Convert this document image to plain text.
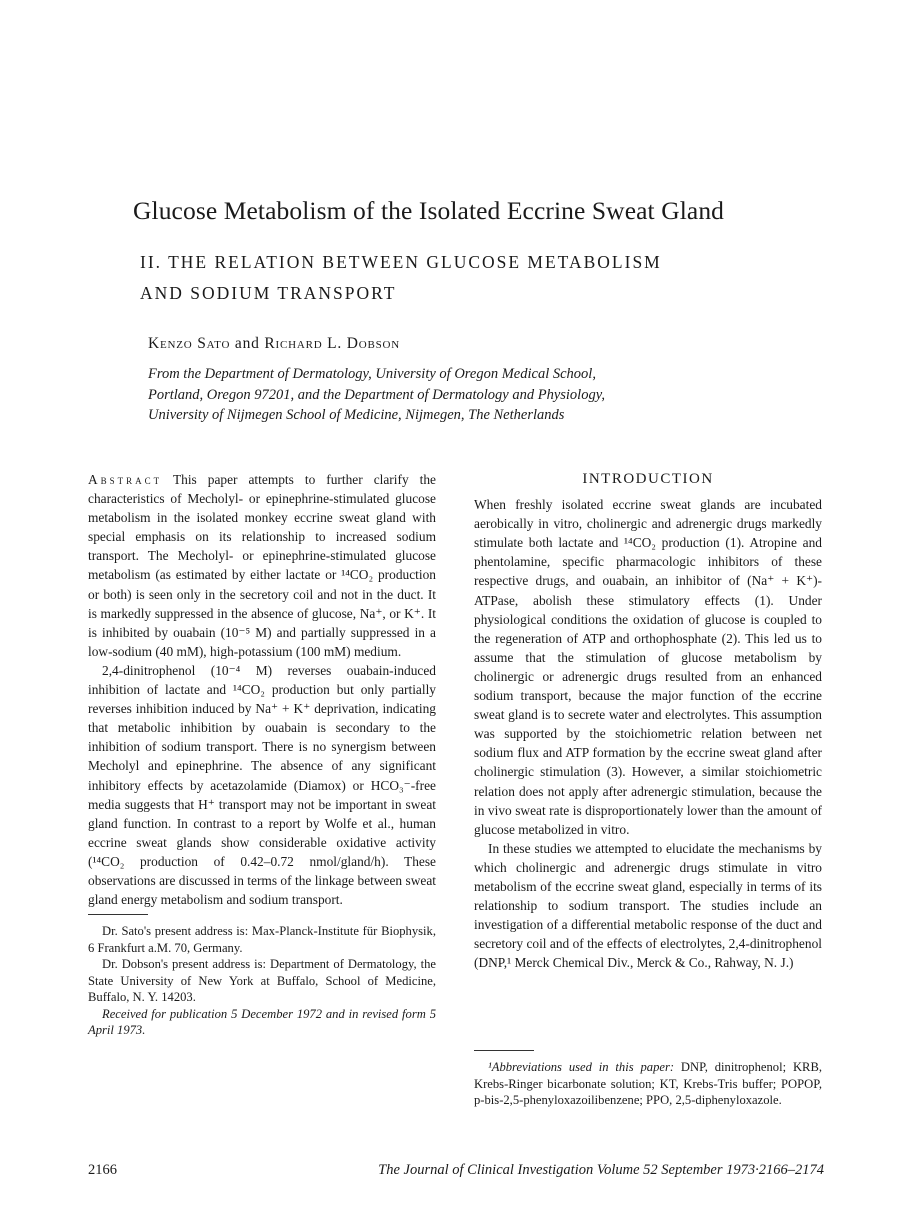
Glucose Metabolism of the Isolated Eccrine Sweat Gland
II. THE RELATION BETWEEN GLUCOSE METABOLISM
AND SODIUM TRANSPORT
Kenzo Sato and Richard L. Dobson
From the Department of Dermatology, University of Oregon Medical School,
Portland, Oregon 97201, and the Department of Dermatology and Physiology,
University of Nijmegen School of Medicine, Nijmegen, The Netherlands

Abstract This paper attempts to further clarify the characteristics of Mecholyl- or epinephrine-stimulated glucose metabolism in the isolated monkey eccrine sweat gland with special emphasis on its relationship to increased sodium transport. The Mecholyl- or epinephrine-stimulated glucose metabolism (as estimated by either lactate or ¹⁴CO₂ production or both) is seen only in the secretory coil and not in the duct. It is markedly suppressed in the absence of glucose, Na⁺, or K⁺. It is inhibited by ouabain (10⁻⁵ M) and partially suppressed in a low-sodium (40 mM), high-potassium (100 mM) medium.

2,4-dinitrophenol (10⁻⁴ M) reverses ouabain-induced inhibition of lactate and ¹⁴CO₂ production but only partially reverses inhibition induced by Na⁺ + K⁺ deprivation, indicating that metabolic inhibition by ouabain is secondary to the inhibition of sodium transport. There is no synergism between Mecholyl and epinephrine. The absence of any significant inhibitory effects by acetazolamide (Diamox) or HCO₃⁻-free media suggests that H⁺ transport may not be important in sweat gland function. In contrast to a report by Wolfe et al., human eccrine sweat glands show considerable oxidative activity (¹⁴CO₂ production of 0.42–0.72 nmol/gland/h). These observations are discussed in terms of the linkage between sweat gland energy metabolism and sodium transport.

Dr. Sato's present address is: Max-Planck-Institute für Biophysik, 6 Frankfurt a.M. 70, Germany.

Dr. Dobson's present address is: Department of Dermatology, the State University of New York at Buffalo, School of Medicine, Buffalo, N. Y. 14203.

Received for publication 5 December 1972 and in revised form 5 April 1973.

INTRODUCTION

When freshly isolated eccrine sweat glands are incubated aerobically in vitro, cholinergic and adrenergic drugs markedly stimulate both lactate and ¹⁴CO₂ production (1). Atropine and phentolamine, specific pharmacologic inhibitors of these respective drugs, and ouabain, an inhibitor of (Na⁺ + K⁺)-ATPase, abolish these stimulatory effects (1). Under physiological conditions the oxidation of glucose is coupled to the regeneration of ATP and orthophosphate (2). This led us to assume that the stimulation of glucose metabolism by cholinergic or adrenergic drugs resulted from an enhanced sodium transport, because the major function of the eccrine sweat gland is to secrete water and electrolytes. This assumption was supported by the stoichiometric relation between net sodium flux and ATP formation by the eccrine sweat gland after cholinergic stimulation (3). However, a similar stoichiometric relation does not apply after adrenergic stimulation, because the in vivo sweat rate is disproportionately lower than the amount of glucose metabolized in vitro.

In these studies we attempted to elucidate the mechanisms by which cholinergic and adrenergic drugs stimulate in vitro metabolism of the eccrine sweat gland, especially in terms of its relationship to sodium transport. The studies include an investigation of a differential metabolic response of the duct and secretory coil and of the effects of electrolytes, 2,4-dinitrophenol (DNP,¹ Merck Chemical Div., Merck & Co., Rahway, N. J.)

¹Abbreviations used in this paper: DNP, dinitrophenol; KRB, Krebs-Ringer bicarbonate solution; KT, Krebs-Tris buffer; POPOP, p-bis-2,5-phenyloxazoilibenzene; PPO, 2,5-diphenyloxazole.

2166	The Journal of Clinical Investigation Volume 52 September 1973·2166–2174
